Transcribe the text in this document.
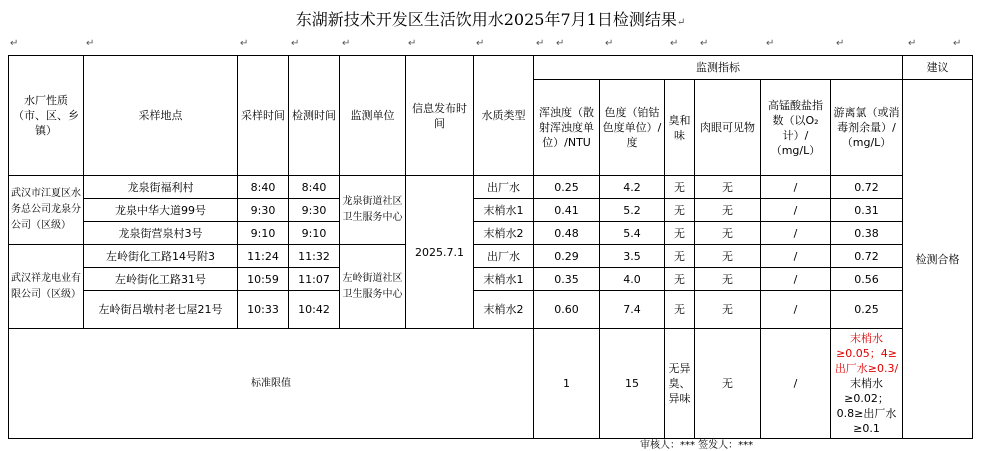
东湖新技术开发区生活饮用水2025年7月1日检测结果↵
↵	↵	↵	↵	↵	↵	↵	↵ ↵	↵	↵ ↵	↵	↵	↵	↵
水厂性质（市、区、乡镇）	采样地点	采样时间	检测时间	监测单位	信息发布时间	水质类型	监测指标						建议
							浑浊度（散射浑浊度单位）/NTU	色度（铂钴色度单位）/度	臭和味	肉眼可见物	高锰酸盐指数（以O₂计）/（mg/L）	游离氯（或消毒剂余量）/（mg/L）	检测合格
武汉市江夏区水务总公司龙泉分公司（区级）	龙泉街福利村	8:40	8:40	龙泉街道社区卫生服务中心	2025.7.1	出厂水	0.25	4.2	无	无	/	0.72	
	龙泉中华大道99号	9:30	9:30			末梢水1	0.41	5.2	无	无	/	0.31	
	龙泉街营泉村3号	9:10	9:10			末梢水2	0.48	5.4	无	无	/	0.38	
武汉祥龙电业有限公司（区级）	左岭街化工路14号附3	11:24	11:32	左岭街道社区卫生服务中心		出厂水	0.29	3.5	无	无	/	0.72	
	左岭街化工路31号	10:59	11:07			末梢水1	0.35	4.0	无	无	/	0.56	
	左岭街吕墩村老七屋21号	10:33	10:42			末梢水2	0.60	7.4	无	无	/	0.25	
标准限值							1	15	无异臭、异味	无	/	末梢水≥0.05；4≥出厂水≥0.3/
末梢水≥0.02；0.8≥出厂水≥0.1	
审核人：*** 签发人：***
